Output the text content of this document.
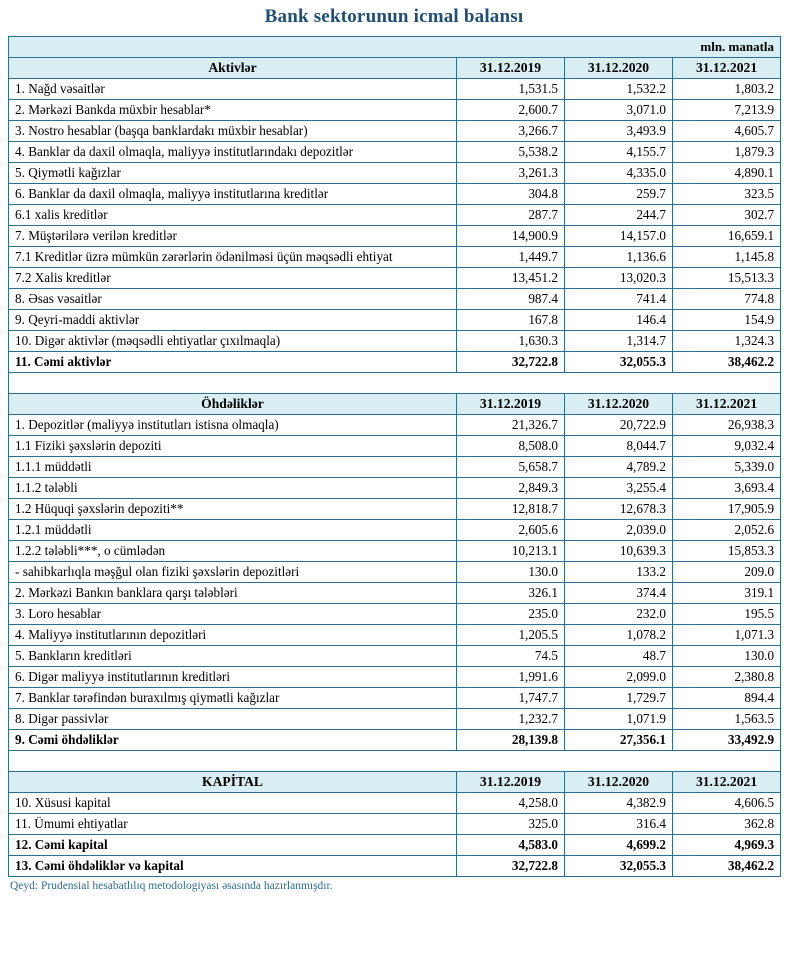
Bank sektorunun icmal balansı
mln. manatla			
Aktivlər	31.12.2019	31.12.2020	31.12.2021
1. Nağd vəsaitlər	1,531.5	1,532.2	1,803.2
2. Mərkəzi Bankda müxbir hesablar*	2,600.7	3,071.0	7,213.9
3. Nostro hesablar (başqa banklardakı müxbir hesablar)	3,266.7	3,493.9	4,605.7
4. Banklar da daxil olmaqla, maliyyə institutlarındakı depozitlər	5,538.2	4,155.7	1,879.3
5. Qiymətli kağızlar	3,261.3	4,335.0	4,890.1
6. Banklar da daxil olmaqla, maliyyə institutlarına kreditlər	304.8	259.7	323.5
6.1 xalis kreditlər	287.7	244.7	302.7
7. Müştərilərə verilən kreditlər	14,900.9	14,157.0	16,659.1
7.1 Kreditlər üzrə mümkün zərərlərin ödənilməsi üçün məqsədli ehtiyat	1,449.7	1,136.6	1,145.8
7.2 Xalis kreditlər	13,451.2	13,020.3	15,513.3
8. Əsas vəsaitlər	987.4	741.4	774.8
9. Qeyri-maddi aktivlər	167.8	146.4	154.9
10. Digər aktivlər (məqsədli ehtiyatlar çıxılmaqla)	1,630.3	1,314.7	1,324.3
11. Cəmi aktivlər	32,722.8	32,055.3	38,462.2

Öhdəliklər	31.12.2019	31.12.2020	31.12.2021
1. Depozitlər (maliyyə institutları istisna olmaqla)	21,326.7	20,722.9	26,938.3
1.1 Fiziki şəxslərin depoziti	8,508.0	8,044.7	9,032.4
1.1.1 müddətli	5,658.7	4,789.2	5,339.0
1.1.2 tələbli	2,849.3	3,255.4	3,693.4
1.2 Hüquqi şəxslərin depoziti**	12,818.7	12,678.3	17,905.9
1.2.1 müddətli	2,605.6	2,039.0	2,052.6
1.2.2 tələbli***, o cümlədən	10,213.1	10,639.3	15,853.3
- sahibkarlıqla məşğul olan fiziki şəxslərin depozitləri	130.0	133.2	209.0
2. Mərkəzi Bankın banklara qarşı tələbləri	326.1	374.4	319.1
3. Loro hesablar	235.0	232.0	195.5
4. Maliyyə institutlarının depozitləri	1,205.5	1,078.2	1,071.3
5. Bankların kreditləri	74.5	48.7	130.0
6. Digər maliyyə institutlarının kreditləri	1,991.6	2,099.0	2,380.8
7. Banklar tərəfindən buraxılmış qiymətli kağızlar	1,747.7	1,729.7	894.4
8. Digər passivlər	1,232.7	1,071.9	1,563.5
9. Cəmi öhdəliklər	28,139.8	27,356.1	33,492.9

KAPİTAL	31.12.2019	31.12.2020	31.12.2021
10. Xüsusi kapital	4,258.0	4,382.9	4,606.5
11. Ümumi ehtiyatlar	325.0	316.4	362.8
12. Cəmi kapital	4,583.0	4,699.2	4,969.3
13. Cəmi öhdəliklər və kapital	32,722.8	32,055.3	38,462.2
Qeyd: Prudensial hesabatlılıq metodologiyası əsasında hazırlanmışdır.
